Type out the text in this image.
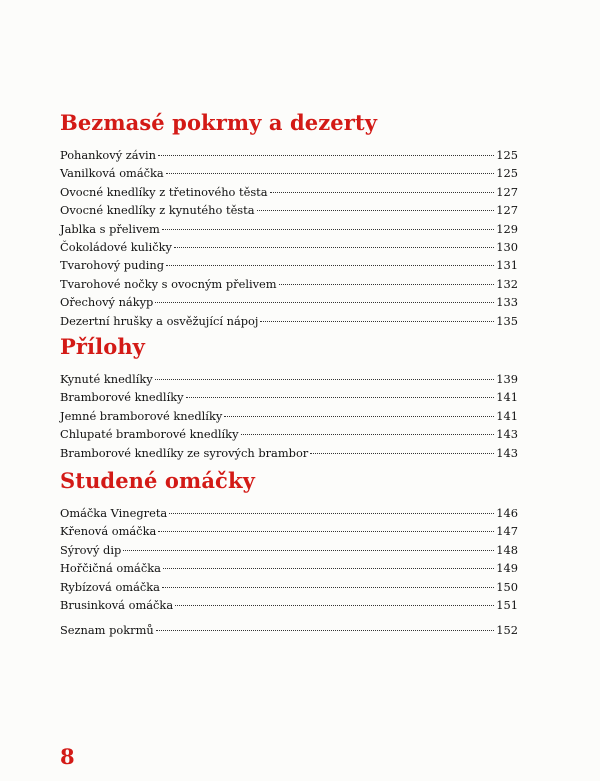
Bezmasé pokrmy a dezerty
Pohankový závin	125
Vanilková omáčka	125
Ovocné knedlíky z třetinového těsta	127
Ovocné knedlíky z kynutého těsta	127
Jablka s přelivem	129
Čokoládové kuličky	130
Tvarohový puding	131
Tvarohové nočky s ovocným přelivem	132
Ořechový nákyp	133
Dezertní hrušky a osvěžující nápoj	135
Přílohy
Kynuté knedlíky	139
Bramborové knedlíky	141
Jemné bramborové knedlíky	141
Chlupaté bramborové knedlíky	143
Bramborové knedlíky ze syrových brambor	143
Studené omáčky
Omáčka Vinegreta	146
Křenová omáčka	147
Sýrový dip	148
Hořčičná omáčka	149
Rybízová omáčka	150
Brusinková omáčka	151
Seznam pokrmů	152
8
